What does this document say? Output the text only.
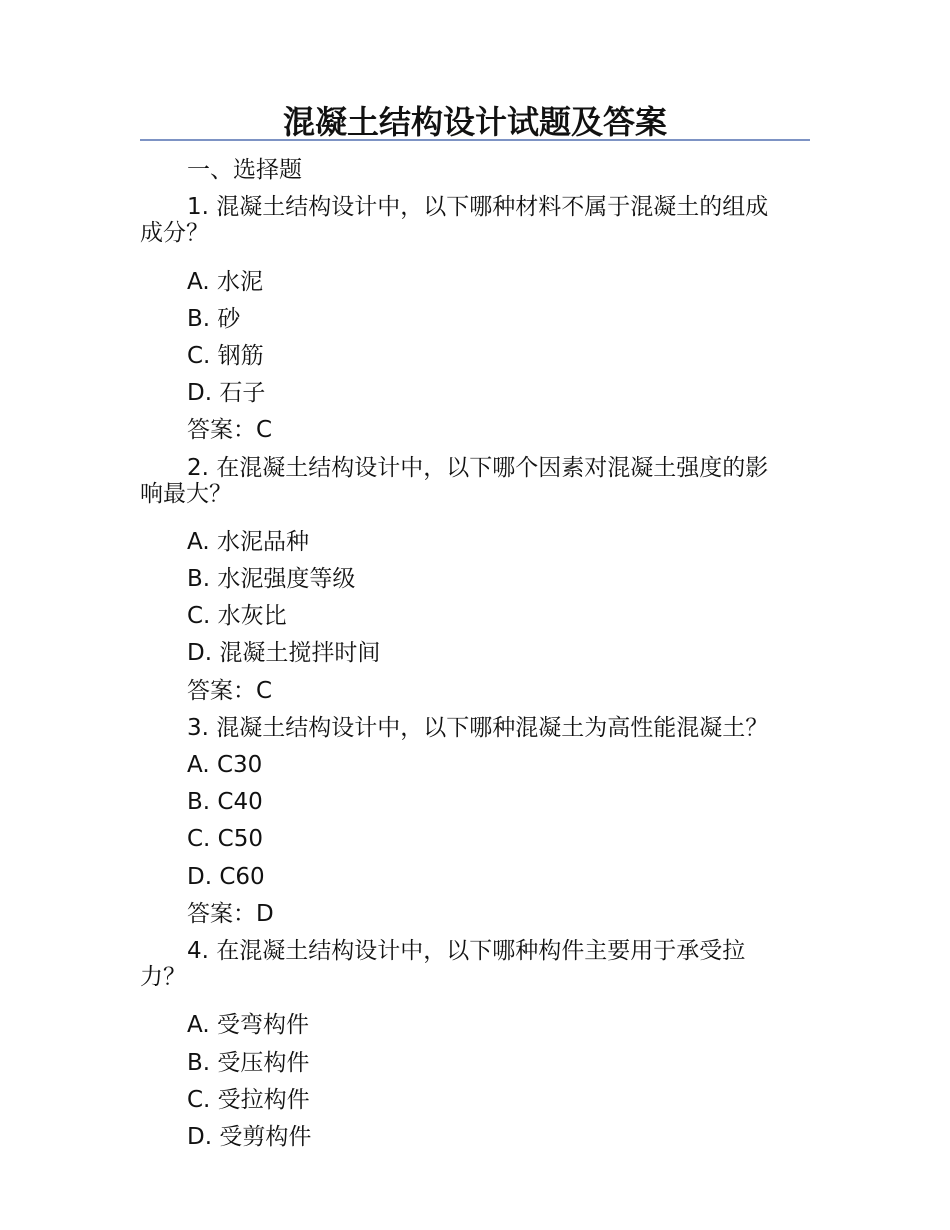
混凝土结构设计试题及答案
一、选择题
1. 混凝土结构设计中，以下哪种材料不属于混凝土的组成
成分？
A. 水泥
B. 砂
C. 钢筋
D. 石子
答案：C
2. 在混凝土结构设计中，以下哪个因素对混凝土强度的影
响最大？
A. 水泥品种
B. 水泥强度等级
C. 水灰比
D. 混凝土搅拌时间
答案：C
3. 混凝土结构设计中，以下哪种混凝土为高性能混凝土？
A. C30
B. C40
C. C50
D. C60
答案：D
4. 在混凝土结构设计中，以下哪种构件主要用于承受拉
力？
A. 受弯构件
B. 受压构件
C. 受拉构件
D. 受剪构件
